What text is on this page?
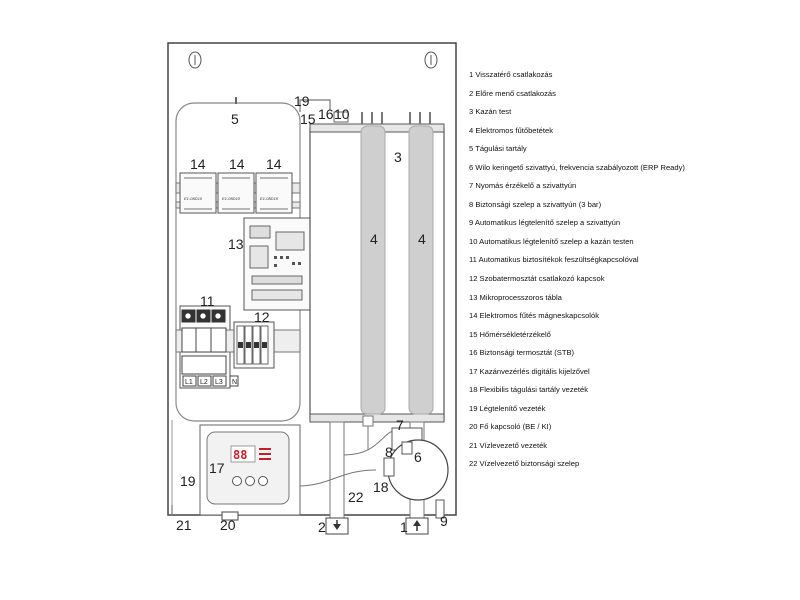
E1-08D10	E1-08D10	E1-08D10
L1 L2 L3 N
88
3
4	4
5
19
15 16 10
14 14 14
13
11
12
17
19
21 20
22
2
18
7
8 6
1 9
1 Visszatérő csatlakozás
2 Előre menő csatlakozás
3 Kazán test
4 Elektromos fűtőbetétek
5 Tágulási tartály
6 Wilo keringető szivattyú, frekvencia szabályozott (ERP Ready)
7 Nyomás érzékelő a szivattyún
8 Biztonsági szelep a szivattyún (3 bar)
9 Automatikus légtelenítő szelep a szivattyún
10 Automatikus légtelenítő szelep a kazán testen
11 Automatikus biztosítékok feszültségkapcsolóval
12 Szobatermosztát csatlakozó kapcsok
13 Mikroprocesszoros tábla
14 Elektromos fűtés mágneskapcsolók
15 Hőmérsékletérzékelő
16 Biztonsági termosztát (STB)
17 Kazánvezérlés digitális kijelzővel
18 Flexibilis tágulási tartály vezeték
19 Légtelenítő vezeték
20 Fő kapcsoló (BE / KI)
21 Vízlevezető vezeték
22 Vízelvezető biztonsági szelep
